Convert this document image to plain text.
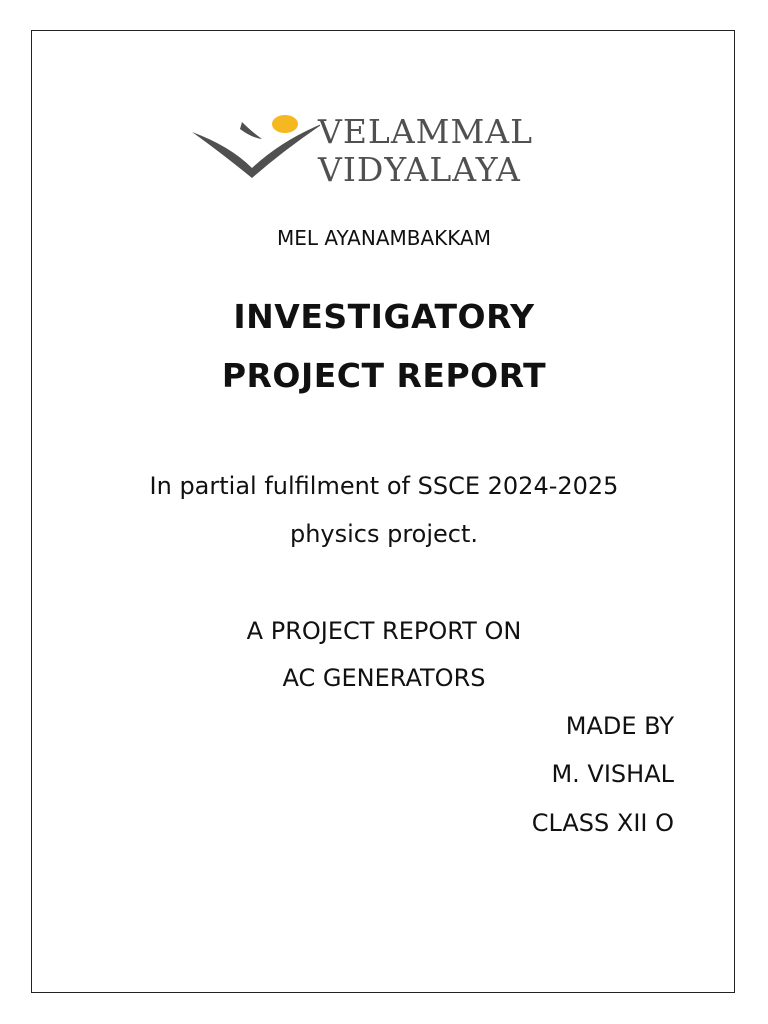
VELAMMAL
VIDYALAYA
MEL AYANAMBAKKAM
INVESTIGATORY
PROJECT REPORT
In partial fulfilment of SSCE 2024-2025
physics project.
A PROJECT REPORT ON
AC GENERATORS
MADE BY
M. VISHAL
CLASS XII O
